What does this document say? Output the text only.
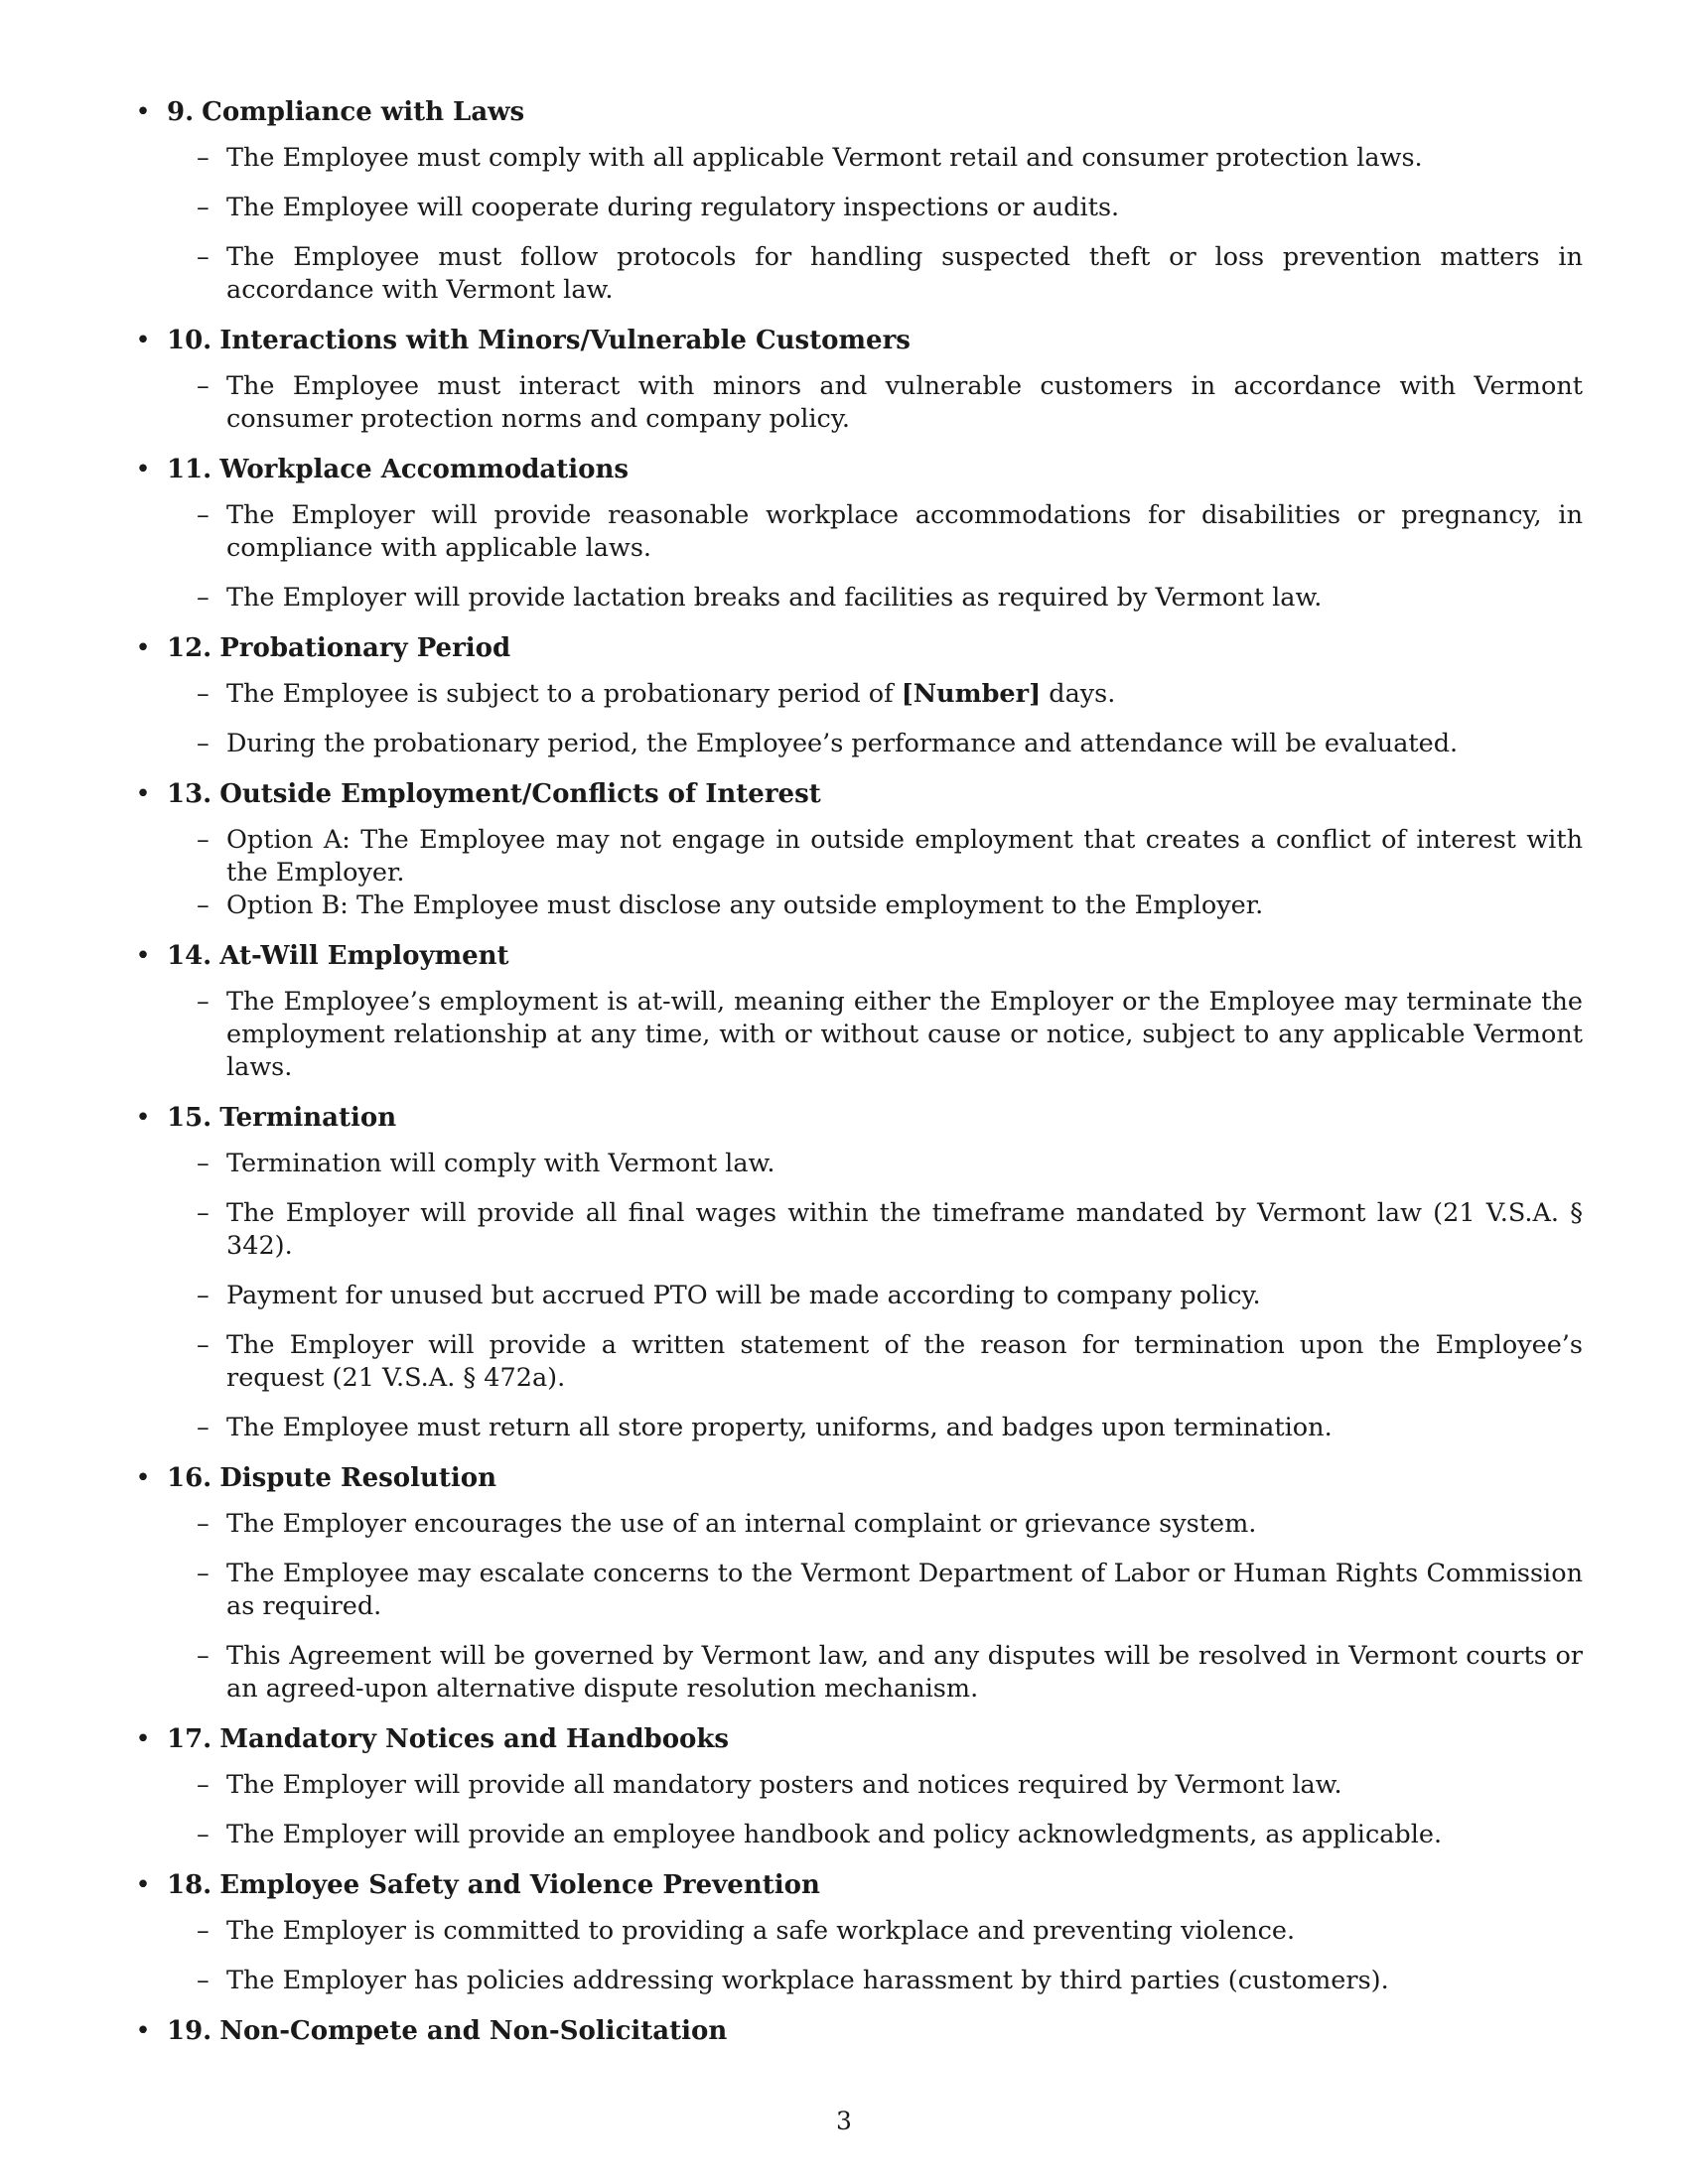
• 9. Compliance with Laws
– The Employee must comply with all applicable Vermont retail and consumer protection laws.
– The Employee will cooperate during regulatory inspections or audits.
– The Employee must follow protocols for handling suspected theft or loss prevention matters in accordance with Vermont law.
• 10. Interactions with Minors/Vulnerable Customers
– The Employee must interact with minors and vulnerable customers in accordance with Vermont consumer protection norms and company policy.
• 11. Workplace Accommodations
– The Employer will provide reasonable workplace accommodations for disabilities or pregnancy, in compliance with applicable laws.
– The Employer will provide lactation breaks and facilities as required by Vermont law.
• 12. Probationary Period
– The Employee is subject to a probationary period of [Number] days.
– During the probationary period, the Employee’s performance and attendance will be evaluated.
• 13. Outside Employment/Conflicts of Interest
– Option A: The Employee may not engage in outside employment that creates a conflict of interest with the Employer.
– Option B: The Employee must disclose any outside employment to the Employer.
• 14. At-Will Employment
– The Employee’s employment is at-will, meaning either the Employer or the Employee may terminate the employment relationship at any time, with or without cause or notice, subject to any applicable Vermont laws.
• 15. Termination
– Termination will comply with Vermont law.
– The Employer will provide all final wages within the timeframe mandated by Vermont law (21 V.S.A. § 342).
– Payment for unused but accrued PTO will be made according to company policy.
– The Employer will provide a written statement of the reason for termination upon the Employee’s request (21 V.S.A. § 472a).
– The Employee must return all store property, uniforms, and badges upon termination.
• 16. Dispute Resolution
– The Employer encourages the use of an internal complaint or grievance system.
– The Employee may escalate concerns to the Vermont Department of Labor or Human Rights Commission as required.
– This Agreement will be governed by Vermont law, and any disputes will be resolved in Vermont courts or an agreed-upon alternative dispute resolution mechanism.
• 17. Mandatory Notices and Handbooks
– The Employer will provide all mandatory posters and notices required by Vermont law.
– The Employer will provide an employee handbook and policy acknowledgments, as applicable.
• 18. Employee Safety and Violence Prevention
– The Employer is committed to providing a safe workplace and preventing violence.
– The Employer has policies addressing workplace harassment by third parties (customers).
• 19. Non-Compete and Non-Solicitation
3
